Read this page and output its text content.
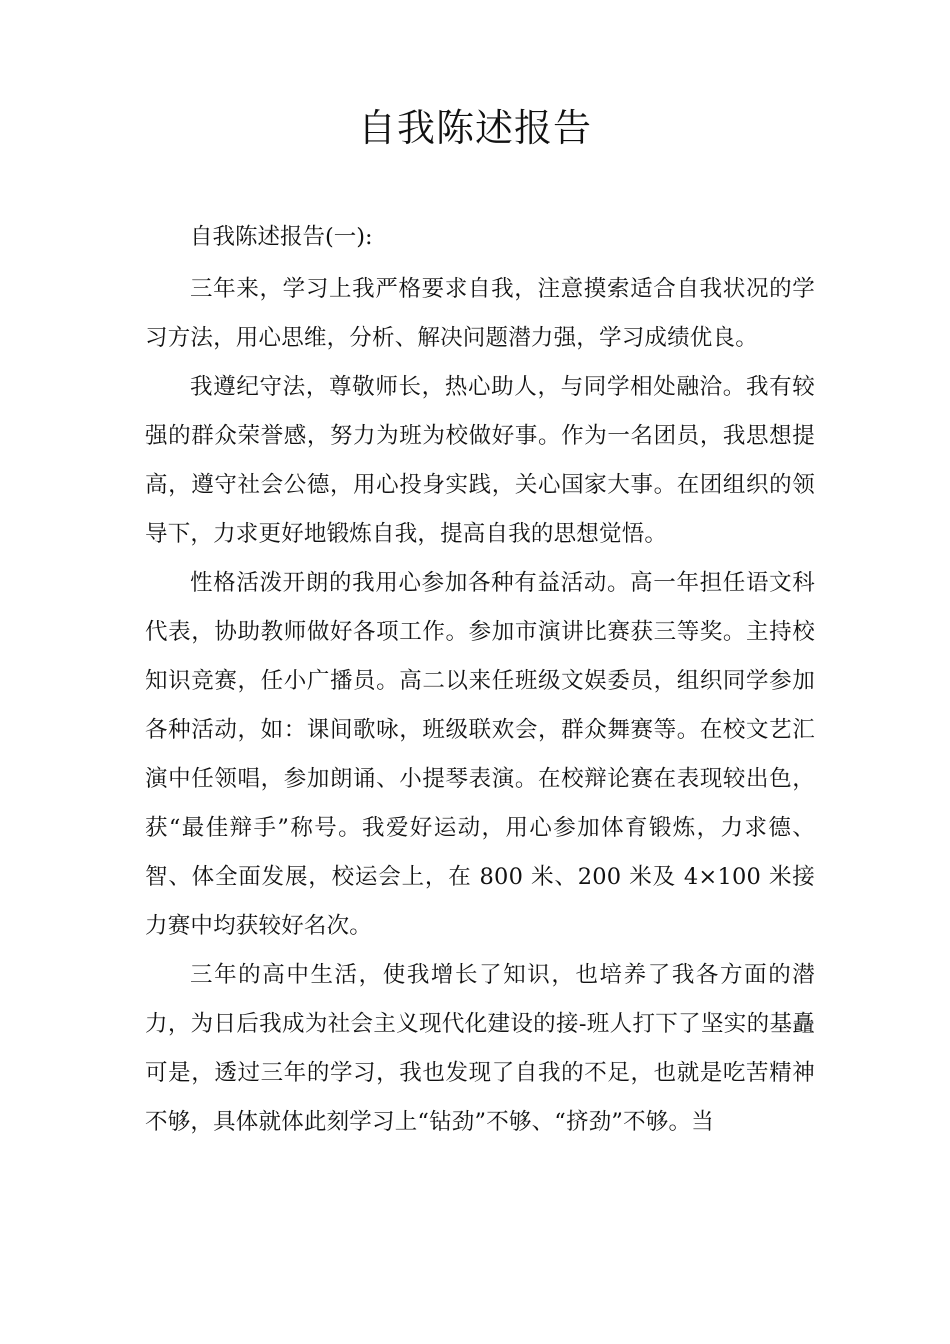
自我陈述报告

自我陈述报告(一):

三年来，学习上我严格要求自我，注意摸索适合自我状况的学习方法，用心思维，分析、解决问题潜力强，学习成绩优良。

我遵纪守法，尊敬师长，热心助人，与同学相处融洽。我有较强的群众荣誉感，努力为班为校做好事。作为一名团员，我思想提高，遵守社会公德，用心投身实践，关心国家大事。在团组织的领导下，力求更好地锻炼自我，提高自我的思想觉悟。

性格活泼开朗的我用心参加各种有益活动。高一年担任语文科代表，协助教师做好各项工作。参加市演讲比赛获三等奖。主持校知识竞赛，任小广播员。高二以来任班级文娱委员，组织同学参加各种活动，如：课间歌咏，班级联欢会，群众舞赛等。在校文艺汇演中任领唱，参加朗诵、小提琴表演。在校辩论赛在表现较出色，获“最佳辩手”称号。我爱好运动，用心参加体育锻炼，力求德、智、体全面发展，校运会上，在 800 米、200 米及 4×100 米接力赛中均获较好名次。

三年的高中生活，使我增长了知识，也培养了我各方面的潜力，为日后我成为社会主义现代化建设的接-班人打下了坚实的基矗可是，透过三年的学习，我也发现了自我的不足，也就是吃苦精神不够，具体就体此刻学习上“钻劲”不够、“挤劲”不够。当
